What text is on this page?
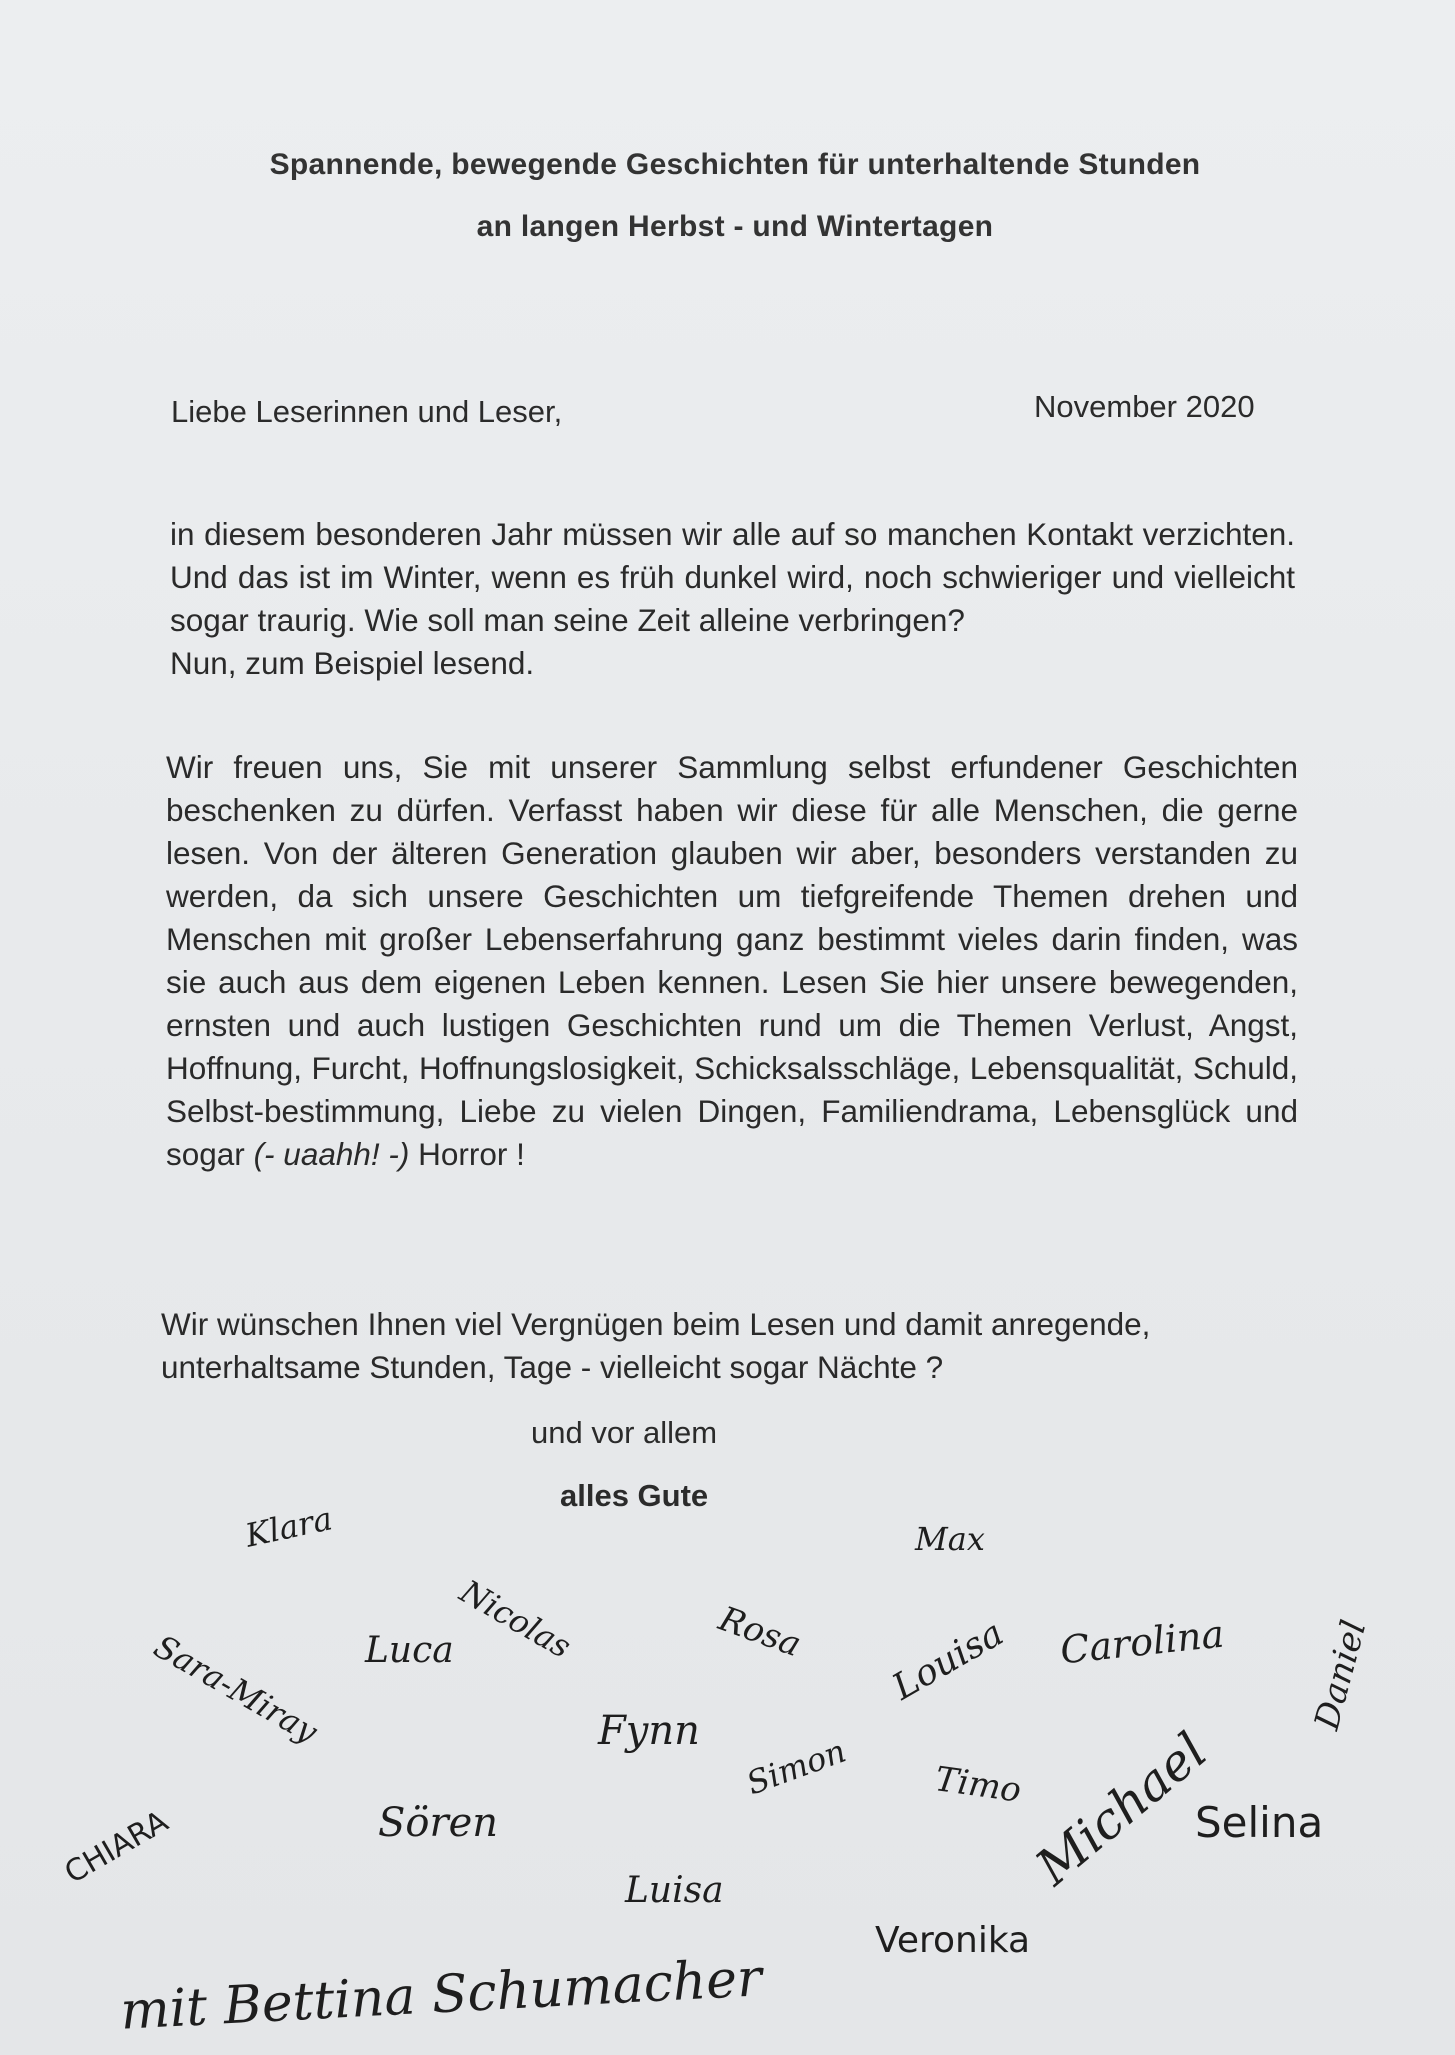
Spannende, bewegende Geschichten für unterhaltende Stunden
an langen Herbst - und Wintertagen
Liebe Leserinnen und Leser,	November 2020
in diesem besonderen Jahr müssen wir alle auf so manchen Kontakt verzichten. Und das ist im Winter, wenn es früh dunkel wird, noch schwieriger und vielleicht sogar traurig. Wie soll man seine Zeit alleine verbringen?
Nun, zum Beispiel lesend.
Wir freuen uns, Sie mit unserer Sammlung selbst erfundener Geschichten beschenken zu dürfen. Verfasst haben wir diese für alle Menschen, die gerne lesen. Von der älteren Generation glauben wir aber, besonders verstanden zu werden, da sich unsere Geschichten um tiefgreifende Themen drehen und Menschen mit großer Lebenserfahrung ganz bestimmt vieles darin finden, was sie auch aus dem eigenen Leben kennen. Lesen Sie hier unsere bewegenden, ernsten und auch lustigen Geschichten rund um die Themen Verlust, Angst, Hoffnung, Furcht, Hoffnungslosigkeit, Schicksalsschläge, Lebensqualität, Schuld, Selbst-bestimmung, Liebe zu vielen Dingen, Familiendrama, Lebensglück und sogar (- uaahh! -) Horror !
Wir wünschen Ihnen viel Vergnügen beim Lesen und damit anregende, unterhaltsame Stunden, Tage - vielleicht sogar Nächte ?
und vor allem
alles Gute
Klara	Max
Nicolas
Luca	Rosa Louisa Carolina Daniel
Sara-Miray	Fynn
Simon Timo Michael
Selina
CHIARA	Sören
Luisa
Veronika
mit Bettina Schumacher
